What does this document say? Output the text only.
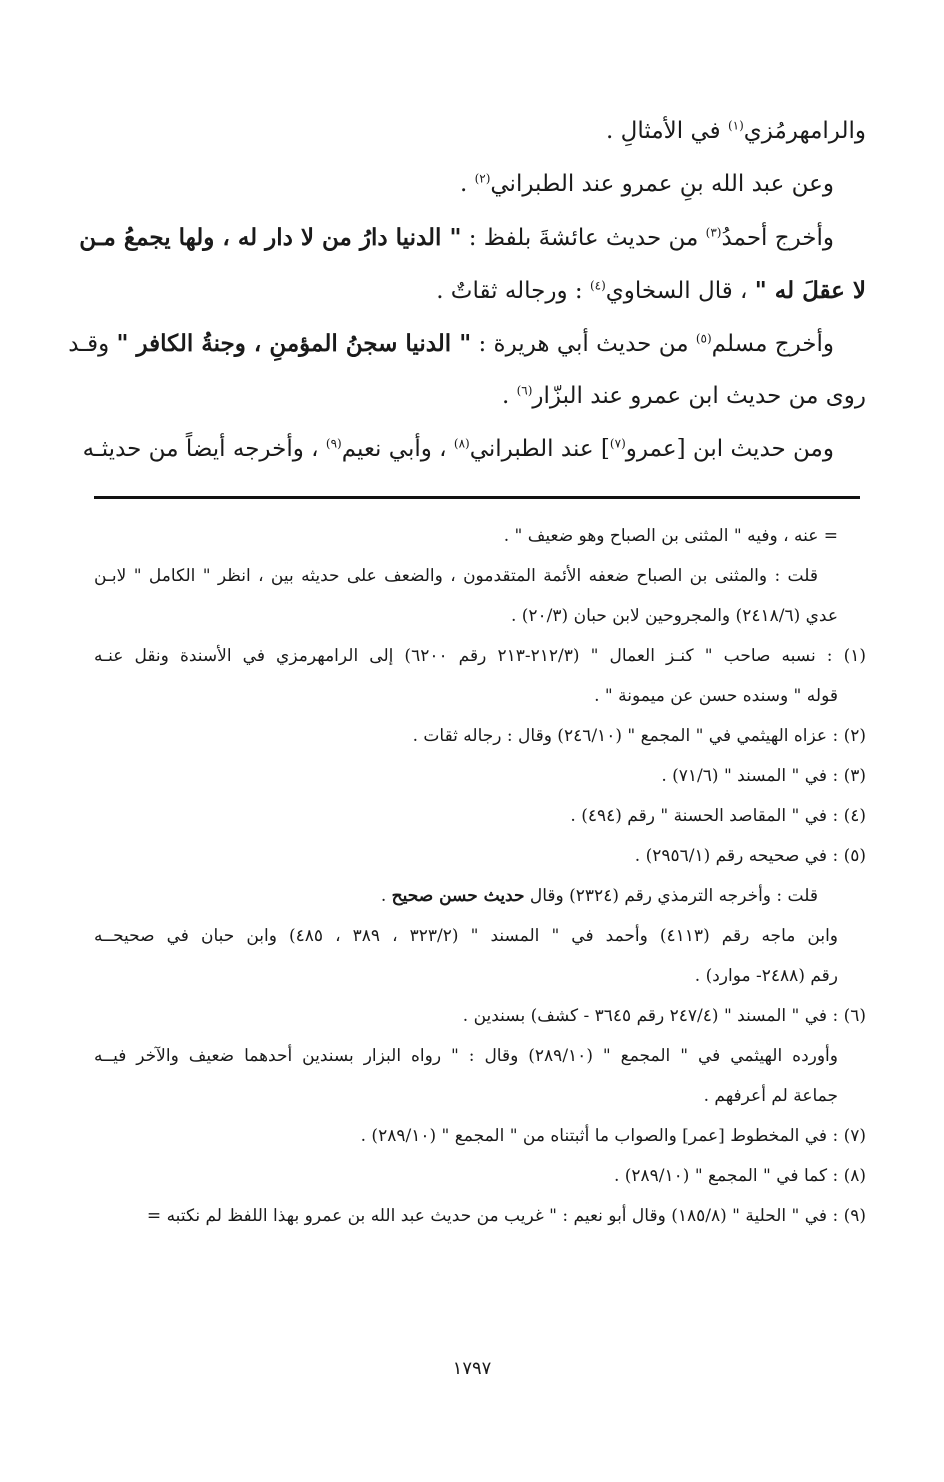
والرامهرمُزي$^{(١)}$ في الأمثالِ .

وعن عبد الله بنِ عمرو عند الطبراني$^{(٢)}$ .

وأخرج أحمدُ$^{(٣)}$ من حديث عائشةَ بلفظ : " الدنيا دارُ من لا دار له ، ولها يجمعُ مـن

لا عقلَ له " ، قال السخاوي$^{(٤)}$ : ورجاله ثقاتٌ .

وأخرج مسلم$^{(٥)}$ من حديث أبي هريرة : " الدنيا سجنُ المؤمنِ ، وجنةُ الكافر " وقـد

روى من حديث ابن عمرو عند البزّار$^{(٦)}$ .

ومن حديث ابن [عمرو$^{(٧)}$] عند الطبراني$^{(٨)}$ ، وأبي نعيم$^{(٩)}$ ، وأخرجه أيضاً من حديثـه

= عنه ، وفيه " المثنى بن الصباح وهو ضعيف " .

قلت : والمثنى بن الصباح ضعفه الأئمة المتقدمون ، والضعف على حديثه بين ، انظر " الكامل " لابـن

عدي (٢٤١٨/٦) والمجروحين لابن حبان (٢٠/٣) .

(١) : نسبه صاحب " كنـز العمال " (٢١٢/٣-٢١٣ رقم ٦٢٠٠) إلى الرامهرمزي في الأسندة ونقل عنـه

قوله " وسنده حسن عن ميمونة " .

(٢) : عزاه الهيثمي في " المجمع " (٢٤٦/١٠) وقال : رجاله ثقات .

(٣) : في " المسند " (٧١/٦) .

(٤) : في " المقاصد الحسنة " رقم (٤٩٤) .

(٥) : في صحيحه رقم (٢٩٥٦/١) .

قلت : وأخرجه الترمذي رقم (٢٣٢٤) وقال حديث حسن صحيح .

وابن ماجه رقم (٤١١٣) وأحمد في " المسند " (٣٢٣/٢ ، ٣٨٩ ، ٤٨٥) وابن حبان في صحيحــه

رقم (٢٤٨٨- موارد) .

(٦) : في " المسند " (٢٤٧/٤ رقم ٣٦٤٥ - كشف) بسندين .

وأورده الهيثمي في " المجمع " (٢٨٩/١٠) وقال : " رواه البزار بسندين أحدهما ضعيف والآخر فيــه

جماعة لم أعرفهم .

(٧) : في المخطوط [عمر] والصواب ما أثبتناه من " المجمع " (٢٨٩/١٠) .

(٨) : كما في " المجمع " (٢٨٩/١٠) .

(٩) : في " الحلية " (١٨٥/٨) وقال أبو نعيم : " غريب من حديث عبد الله بن عمرو بهذا اللفظ لم نكتبه =

١٧٩٧
